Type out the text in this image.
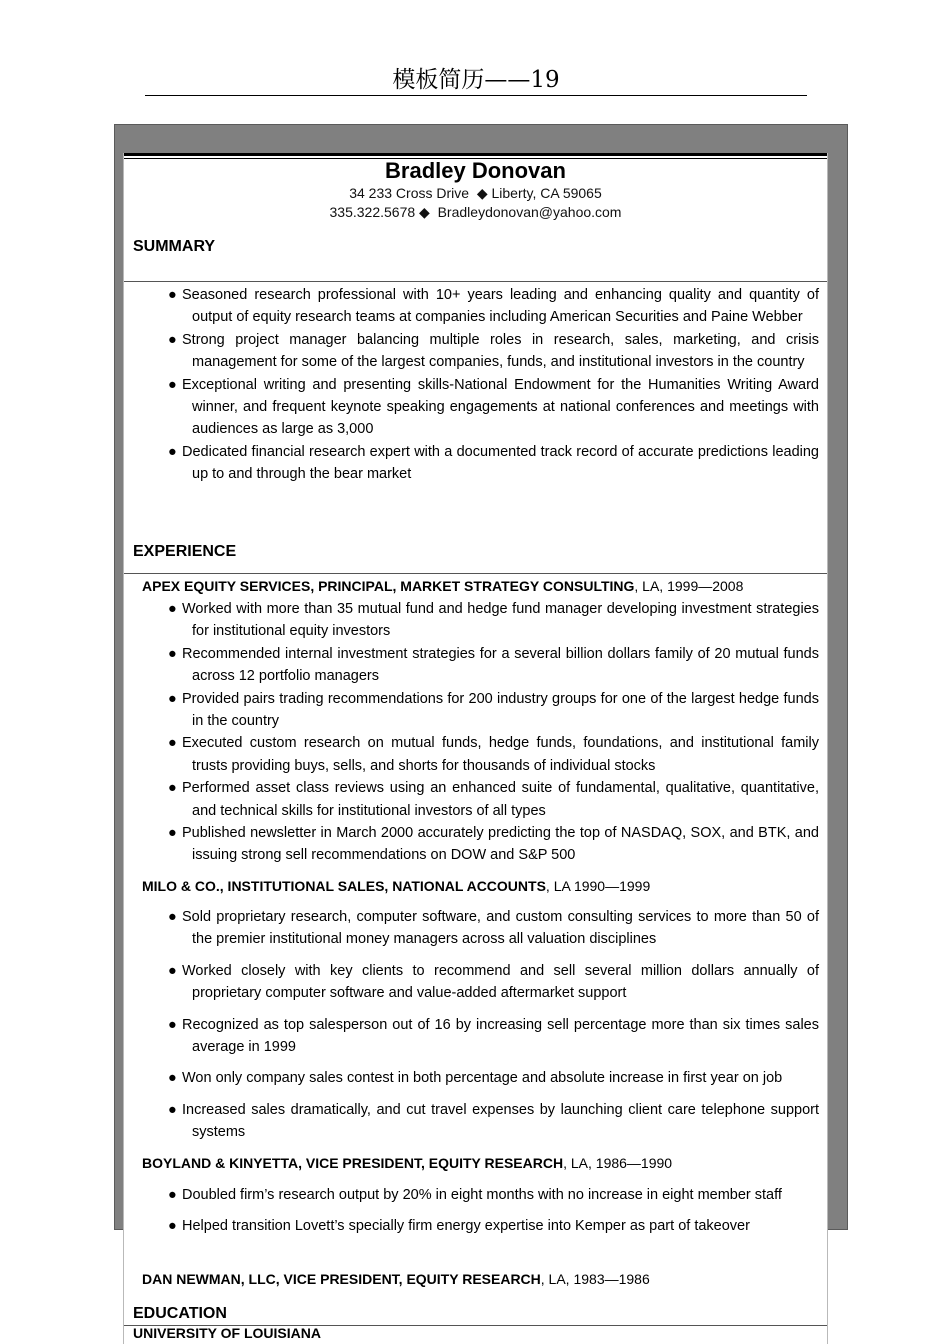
模板简历——19
Bradley Donovan
34 233 Cross Drive ◆ Liberty, CA 59065
335.322.5678 ◆ Bradleydonovan@yahoo.com
SUMMARY
● Seasoned research professional with 10+ years leading and enhancing quality and quantity of output of equity research teams at companies including American Securities and Paine Webber
● Strong project manager balancing multiple roles in research, sales, marketing, and crisis management for some of the largest companies, funds, and institutional investors in the country
● Exceptional writing and presenting skills-National Endowment for the Humanities Writing Award winner, and frequent keynote speaking engagements at national conferences and meetings with audiences as large as 3,000
● Dedicated financial research expert with a documented track record of accurate predictions leading up to and through the bear market
EXPERIENCE
APEX EQUITY SERVICES, PRINCIPAL, MARKET STRATEGY CONSULTING, LA, 1999—2008
● Worked with more than 35 mutual fund and hedge fund manager developing investment strategies for institutional equity investors
● Recommended internal investment strategies for a several billion dollars family of 20 mutual funds across 12 portfolio managers
● Provided pairs trading recommendations for 200 industry groups for one of the largest hedge funds in the country
● Executed custom research on mutual funds, hedge funds, foundations, and institutional family trusts providing buys, sells, and shorts for thousands of individual stocks
● Performed asset class reviews using an enhanced suite of fundamental, qualitative, quantitative, and technical skills for institutional investors of all types
● Published newsletter in March 2000 accurately predicting the top of NASDAQ, SOX, and BTK, and issuing strong sell recommendations on DOW and S&P 500
MILO & CO., INSTITUTIONAL SALES, NATIONAL ACCOUNTS, LA 1990—1999
● Sold proprietary research, computer software, and custom consulting services to more than 50 of the premier institutional money managers across all valuation disciplines
● Worked closely with key clients to recommend and sell several million dollars annually of proprietary computer software and value-added aftermarket support
● Recognized as top salesperson out of 16 by increasing sell percentage more than six times sales average in 1999
● Won only company sales contest in both percentage and absolute increase in first year on job
● Increased sales dramatically, and cut travel expenses by launching client care telephone support systems
BOYLAND & KINYETTA, VICE PRESIDENT, EQUITY RESEARCH, LA, 1986—1990
● Doubled firm’s research output by 20% in eight months with no increase in eight member staff
● Helped transition Lovett’s specially firm energy expertise into Kemper as part of takeover
DAN NEWMAN, LLC, VICE PRESIDENT, EQUITY RESEARCH, LA, 1983—1986
EDUCATION
UNIVERSITY OF LOUISIANA
